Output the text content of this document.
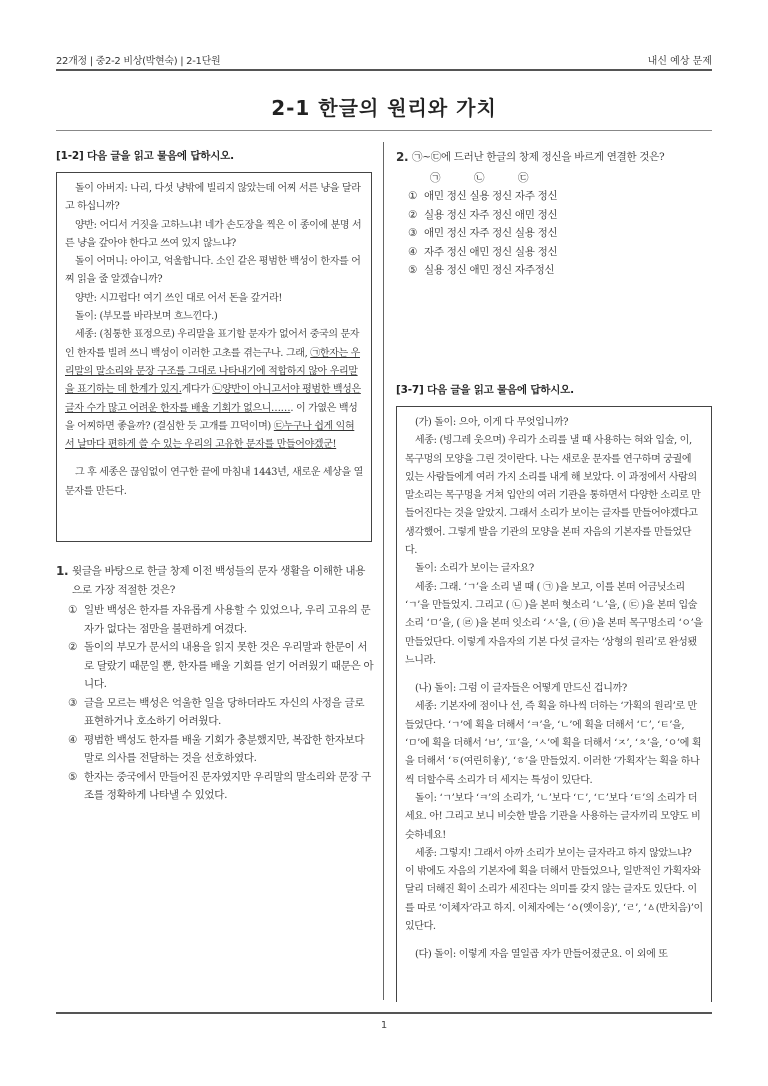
22개정 | 중2-2 비상(박현숙) | 2-1단원	내신 예상 문제
2-1 한글의 원리와 가치
[1-2] 다음 글을 읽고 물음에 답하시오.

돌이 아버지: 나리, 다섯 냥밖에 빌리지 않았는데 어찌 서른 냥을 달라고 하십니까?

양반: 어디서 거짓을 고하느냐! 네가 손도장을 찍은 이 종이에 분명 서른 냥을 갚아야 한다고 쓰여 있지 않느냐?

돌이 어머니: 아이고, 억울합니다. 소인 같은 평범한 백성이 한자를 어찌 읽을 줄 알겠습니까?

양반: 시끄럽다! 여기 쓰인 대로 어서 돈을 갚거라!

돌이: (부모를 바라보며 흐느낀다.)

세종: (침통한 표정으로) 우리말을 표기할 문자가 없어서 중국의 문자인 한자를 빌려 쓰니 백성이 이러한 고초를 겪는구나. 그래, ㉠한자는 우리말의 말소리와 문장 구조를 그대로 나타내기에 적합하지 않아 우리말을 표기하는 데 한계가 있지.게다가 ㉡양반이 아니고서야 평범한 백성은 글자 수가 많고 어려운 한자를 배울 기회가 없으니……. 이 가엾은 백성을 어찌하면 좋을까? (결심한 듯 고개를 끄덕이며) ㉢누구나 쉽게 익혀서 날마다 편하게 쓸 수 있는 우리의 고유한 문자를 만들어야겠군!

그 후 세종은 끊임없이 연구한 끝에 마침내 1443년, 새로운 세상을 열 문자를 만든다.

1. 윗글을 바탕으로 한글 창제 이전 백성들의 문자 생활을 이해한 내용으로 가장 적절한 것은?
① 일반 백성은 한자를 자유롭게 사용할 수 있었으나, 우리 고유의 문자가 없다는 점만을 불편하게 여겼다.
② 돌이의 부모가 문서의 내용을 읽지 못한 것은 우리말과 한문이 서로 달랐기 때문일 뿐, 한자를 배울 기회를 얻기 어려웠기 때문은 아니다.
③ 글을 모르는 백성은 억울한 일을 당하더라도 자신의 사정을 글로 표현하거나 호소하기 어려웠다.
④ 평범한 백성도 한자를 배울 기회가 충분했지만, 복잡한 한자보다 말로 의사를 전달하는 것을 선호하였다.
⑤ 한자는 중국에서 만들어진 문자였지만 우리말의 말소리와 문장 구조를 정확하게 나타낼 수 있었다.
2. ㉠~㉢에 드러난 한글의 창제 정신을 바르게 연결한 것은?
㉠	㉡	㉢
① 애민 정신 실용 정신 자주 정신
② 실용 정신 자주 정신 애민 정신
③ 애민 정신 자주 정신 실용 정신
④ 자주 정신 애민 정신 실용 정신
⑤ 실용 정신 애민 정신 자주정신
[3-7] 다음 글을 읽고 물음에 답하시오.

(가) 돌이: 으아, 이게 다 무엇입니까?

세종: (빙그레 웃으며) 우리가 소리를 낼 때 사용하는 혀와 입술, 이, 목구멍의 모양을 그린 것이란다. 나는 새로운 문자를 연구하며 궁궐에 있는 사람들에게 여러 가지 소리를 내게 해 보았다. 이 과정에서 사람의 말소리는 목구멍을 거쳐 입안의 여러 기관을 통하면서 다양한 소리로 만들어진다는 것을 알았지. 그래서 소리가 보이는 글자를 만들어야겠다고 생각했어. 그렇게 발음 기관의 모양을 본떠 자음의 기본자를 만들었단다.

돌이: 소리가 보이는 글자요?

세종: 그래. ‘ㄱ’을 소리 낼 때 ( ㉠ )을 보고, 이를 본떠 어금닛소리 ‘ㄱ’을 만들었지. 그리고 ( ㉡ )을 본떠 혓소리 ‘ㄴ’을, ( ㉢ )을 본떠 입술소리 ‘ㅁ’을, ( ㉣ )을 본떠 잇소리 ‘ㅅ’을, ( ㉤ )을 본떠 목구멍소리 ‘ㅇ’을 만들었단다. 이렇게 자음자의 기본 다섯 글자는 ‘상형의 원리’로 완성됐느니라.

(나) 돌이: 그럼 이 글자들은 어떻게 만드신 겁니까?

세종: 기본자에 점이나 선, 즉 획을 하나씩 더하는 ‘가획의 원리’로 만들었단다. ‘ㄱ’에 획을 더해서 ‘ㅋ’을, ‘ㄴ’에 획을 더해서 ‘ㄷ’, ‘ㅌ’을, ‘ㅁ’에 획을 더해서 ‘ㅂ’, ‘ㅍ’을, ‘ㅅ’에 획을 더해서 ‘ㅈ’, ‘ㅊ’을, ‘ㅇ’에 획을 더해서 ‘ㆆ(여린히읗)’, ‘ㅎ’을 만들었지. 이러한 ‘가획자’는 획을 하나씩 더할수록 소리가 더 세지는 특성이 있단다.

돌이: ‘ㄱ’보다 ‘ㅋ’의 소리가, ‘ㄴ’보다 ‘ㄷ’, ‘ㄷ’보다 ‘ㅌ’의 소리가 더 세요. 아! 그리고 보니 비슷한 발음 기관을 사용하는 글자끼리 모양도 비슷하네요!

세종: 그렇지! 그래서 아까 소리가 보이는 글자라고 하지 않았느냐? 이 밖에도 자음의 기본자에 획을 더해서 만들었으나, 일반적인 가획자와 달리 더해진 획이 소리가 세진다는 의미를 갖지 않는 글자도 있단다. 이를 따로 ‘이체자’라고 하지. 이체자에는 ‘ㆁ(옛이응)’, ‘ㄹ’, ‘ㅿ(반치음)’이 있단다.

(다) 돌이: 이렇게 자음 열일곱 자가 만들어졌군요. 이 외에 또

1
